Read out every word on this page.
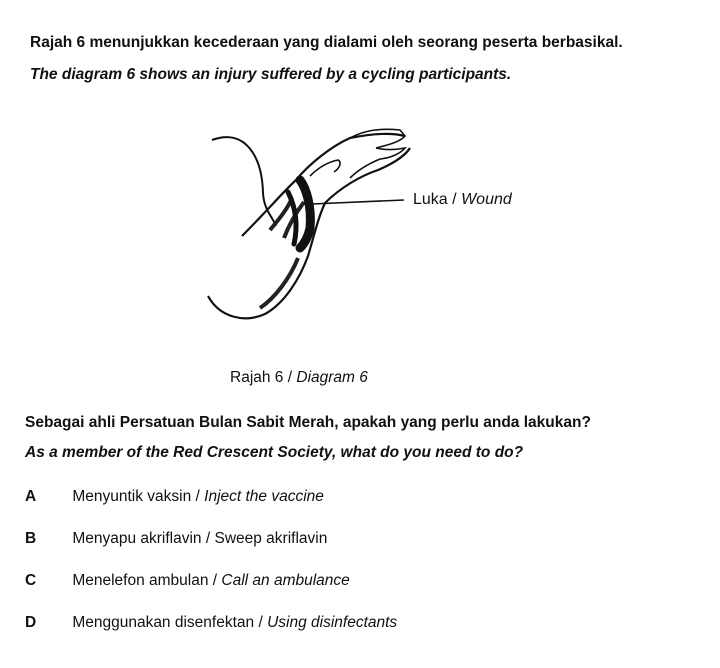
Rajah 6 menunjukkan kecederaan yang dialami oleh seorang peserta berbasikal.
The diagram 6 shows an injury suffered by a cycling participants.
Luka / Wound
Rajah 6 / Diagram 6
Sebagai ahli Persatuan Bulan Sabit Merah, apakah yang perlu anda lakukan?
As a member of the Red Crescent Society, what do you need to do?
A Menyuntik vaksin / Inject the vaccine
B Menyapu akriflavin / Sweep akriflavin
C Menelefon ambulan / Call an ambulance
D Menggunakan disenfektan / Using disinfectants
